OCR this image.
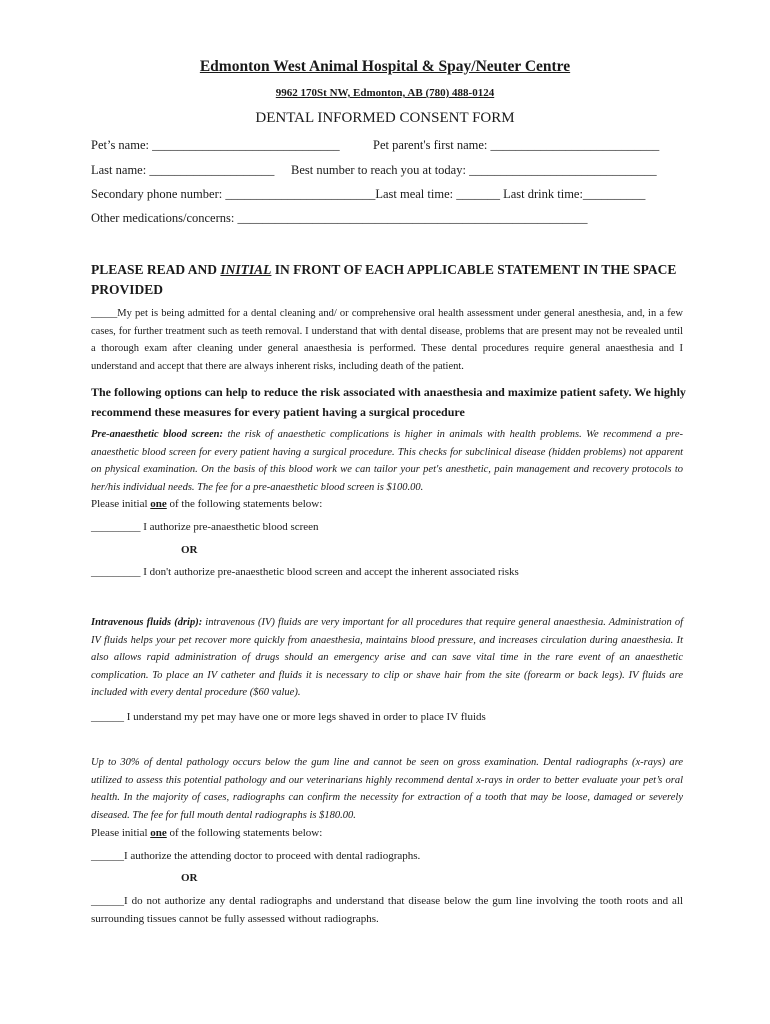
Edmonton West Animal Hospital & Spay/Neuter Centre
9962 170St NW, Edmonton, AB (780) 488-0124
DENTAL INFORMED CONSENT FORM
Pet’s name: ______________________________	Pet parent's first name: ___________________________
Last name: ____________________ Best number to reach you at today: ______________________________
Secondary phone number: ________________________Last meal time: _______ Last drink time:__________
Other medications/concerns: ________________________________________________________
PLEASE READ AND INITIAL IN FRONT OF EACH APPLICABLE STATEMENT IN THE SPACE PROVIDED
_____My pet is being admitted for a dental cleaning and/ or comprehensive oral health assessment under general anesthesia, and, in a few cases, for further treatment such as teeth removal. I understand that with dental disease, problems that are present may not be revealed until a thorough exam after cleaning under general anaesthesia is performed. These dental procedures require general anaesthesia and I understand and accept that there are always inherent risks, including death of the patient.
The following options can help to reduce the risk associated with anaesthesia and maximize patient safety. We highly recommend these measures for every patient having a surgical procedure
Pre-anaesthetic blood screen: the risk of anaesthetic complications is higher in animals with health problems. We recommend a pre- anaesthetic blood screen for every patient having a surgical procedure. This checks for subclinical disease (hidden problems) not apparent on physical examination. On the basis of this blood work we can tailor your pet's anesthetic, pain management and recovery protocols to her/his individual needs. The fee for a pre-anaesthetic blood screen is $100.00.
Please initial one of the following statements below:
_________ I authorize pre-anaesthetic blood screen
OR
_________ I don't authorize pre-anaesthetic blood screen and accept the inherent associated risks
Intravenous fluids (drip): intravenous (IV) fluids are very important for all procedures that require general anaesthesia. Administration of IV fluids helps your pet recover more quickly from anaesthesia, maintains blood pressure, and increases circulation during anaesthesia. It also allows rapid administration of drugs should an emergency arise and can save vital time in the rare event of an anaesthetic complication. To place an IV catheter and fluids it is necessary to clip or shave hair from the site (forearm or back legs). IV fluids are included with every dental procedure ($60 value).
______ I understand my pet may have one or more legs shaved in order to place IV fluids
Up to 30% of dental pathology occurs below the gum line and cannot be seen on gross examination. Dental radiographs (x-rays) are utilized to assess this potential pathology and our veterinarians highly recommend dental x-rays in order to better evaluate your pet’s oral health. In the majority of cases, radiographs can confirm the necessity for extraction of a tooth that may be loose, damaged or severely diseased. The fee for full mouth dental radiographs is $180.00.
Please initial one of the following statements below:
______I authorize the attending doctor to proceed with dental radiographs.
OR
______I do not authorize any dental radiographs and understand that disease below the gum line involving the tooth roots and all surrounding tissues cannot be fully assessed without radiographs.
